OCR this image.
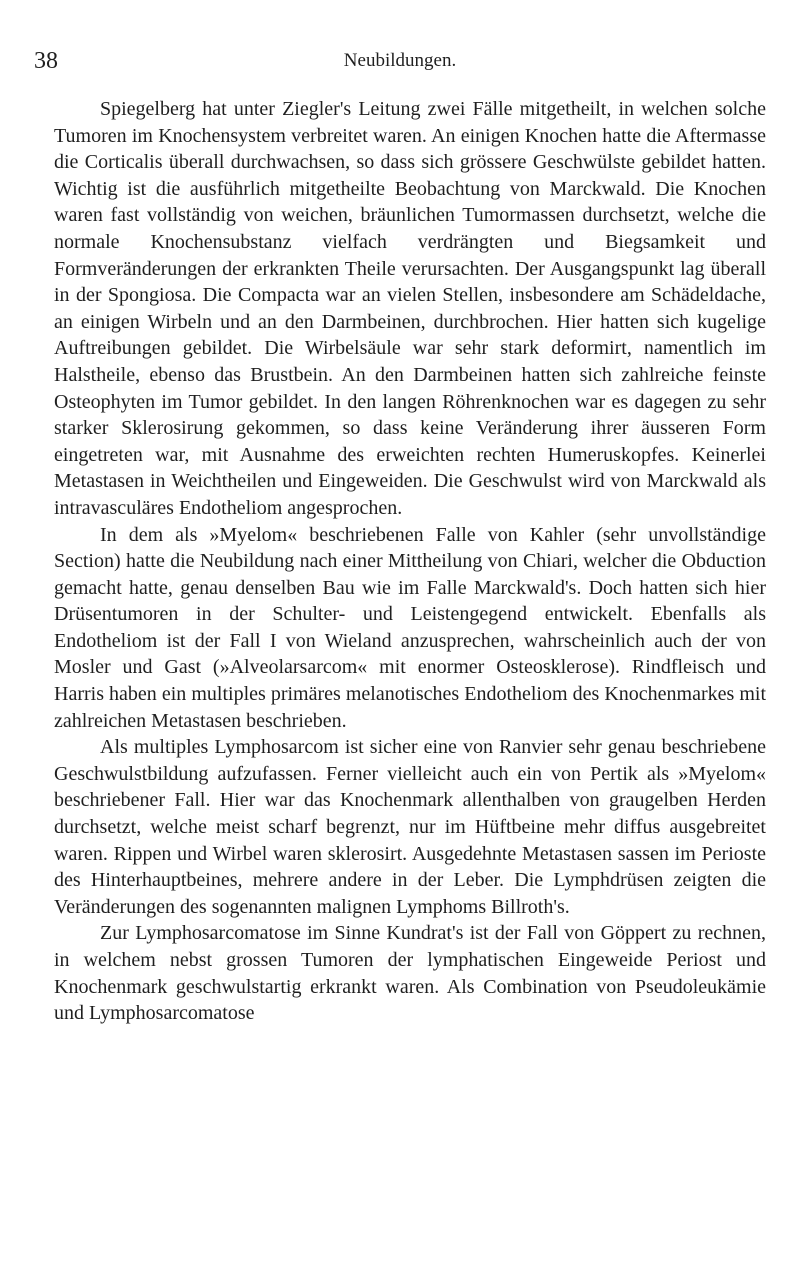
38	Neubildungen.

Spiegelberg hat unter Ziegler's Leitung zwei Fälle mitgetheilt, in welchen solche Tumoren im Knochensystem verbreitet waren. An einigen Knochen hatte die Aftermasse die Corticalis überall durchwachsen, so dass sich grössere Geschwülste gebildet hatten. Wichtig ist die ausführlich mitgetheilte Beobachtung von Marckwald. Die Knochen waren fast vollständig von weichen, bräunlichen Tumormassen durchsetzt, welche die normale Knochensubstanz vielfach verdrängten und Biegsamkeit und Formveränderungen der erkrankten Theile verursachten. Der Ausgangspunkt lag überall in der Spongiosa. Die Compacta war an vielen Stellen, insbesondere am Schädeldache, an einigen Wirbeln und an den Darmbeinen, durchbrochen. Hier hatten sich kugelige Auftreibungen gebildet. Die Wirbelsäule war sehr stark deformirt, namentlich im Halstheile, ebenso das Brustbein. An den Darmbeinen hatten sich zahlreiche feinste Osteophyten im Tumor gebildet. In den langen Röhrenknochen war es dagegen zu sehr starker Sklerosirung gekommen, so dass keine Veränderung ihrer äusseren Form eingetreten war, mit Ausnahme des erweichten rechten Humeruskopfes. Keinerlei Metastasen in Weichtheilen und Eingeweiden. Die Geschwulst wird von Marckwald als intravasculäres Endotheliom angesprochen.

In dem als »Myelom« beschriebenen Falle von Kahler (sehr unvollständige Section) hatte die Neubildung nach einer Mittheilung von Chiari, welcher die Obduction gemacht hatte, genau denselben Bau wie im Falle Marckwald's. Doch hatten sich hier Drüsentumoren in der Schulter- und Leistengegend entwickelt. Ebenfalls als Endotheliom ist der Fall I von Wieland anzusprechen, wahrscheinlich auch der von Mosler und Gast (»Alveolarsarcom« mit enormer Osteosklerose). Rindfleisch und Harris haben ein multiples primäres melanotisches Endotheliom des Knochenmarkes mit zahlreichen Metastasen beschrieben.

Als multiples Lymphosarcom ist sicher eine von Ranvier sehr genau beschriebene Geschwulstbildung aufzufassen. Ferner vielleicht auch ein von Pertik als »Myelom« beschriebener Fall. Hier war das Knochenmark allenthalben von graugelben Herden durchsetzt, welche meist scharf begrenzt, nur im Hüftbeine mehr diffus ausgebreitet waren. Rippen und Wirbel waren sklerosirt. Ausgedehnte Metastasen sassen im Perioste des Hinterhauptbeines, mehrere andere in der Leber. Die Lymphdrüsen zeigten die Veränderungen des sogenannten malignen Lymphoms Billroth's.

Zur Lymphosarcomatose im Sinne Kundrat's ist der Fall von Göppert zu rechnen, in welchem nebst grossen Tumoren der lymphatischen Eingeweide Periost und Knochenmark geschwulstartig erkrankt waren. Als Combination von Pseudoleukämie und Lymphosarcomatose
